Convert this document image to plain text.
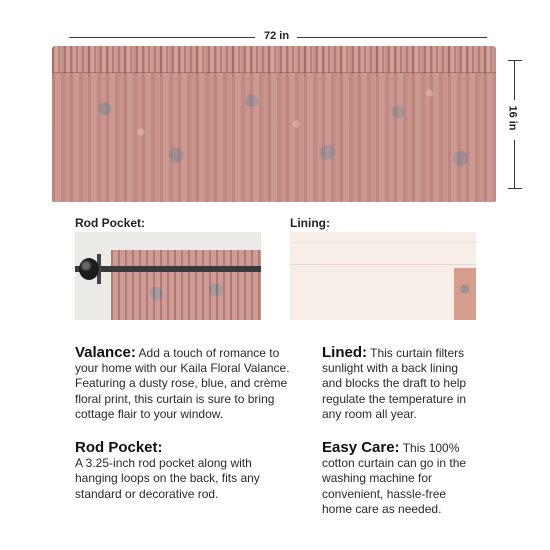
72 in
16 in
Rod Pocket:	Lining:
Valance: Add a touch of romance to your home with our Kaila Floral Valance. Featuring a dusty rose, blue, and crème floral print, this curtain is sure to bring cottage flair to your window.
Lined: This curtain filters sunlight with a back lining and blocks the draft to help regulate the temperature in any room all year.
Rod Pocket:
A 3.25-inch rod pocket along with hanging loops on the back, fits any standard or decorative rod.
Easy Care: This 100% cotton curtain can go in the washing machine for convenient, hassle-free home care as needed.
